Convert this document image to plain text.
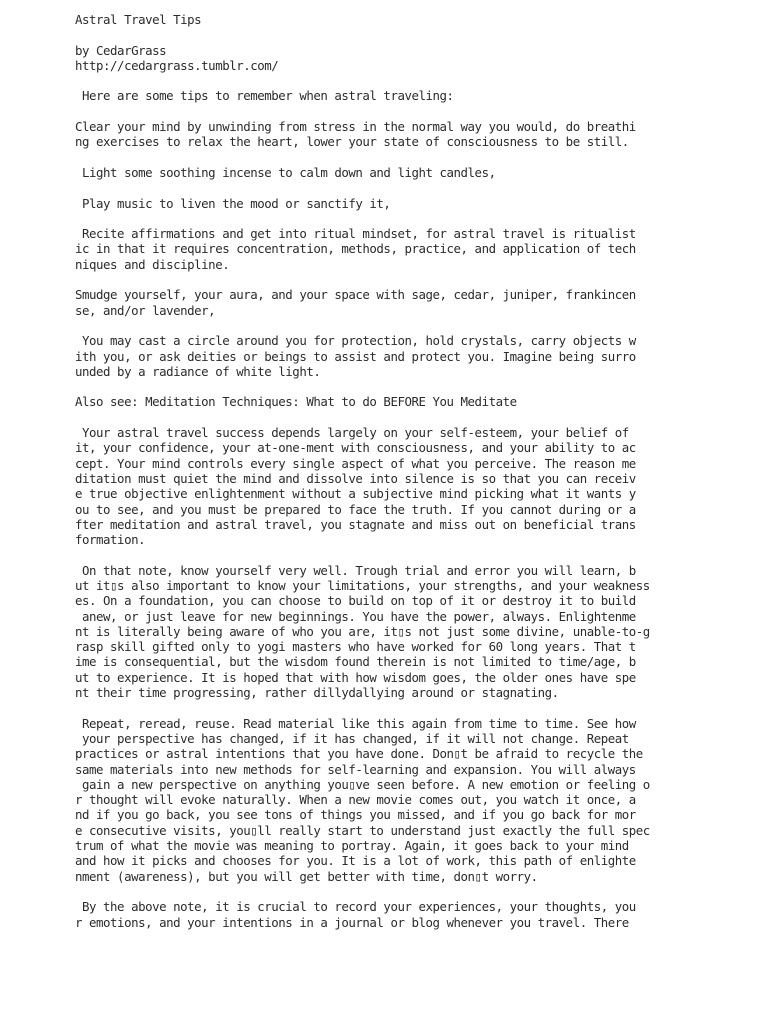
Astral Travel Tips
by CedarGrass
http://cedargrass.tumblr.com/
Here are some tips to remember when astral traveling:
Clear your mind by unwinding from stress in the normal way you would, do breathi
ng exercises to relax the heart, lower your state of consciousness to be still.
Light some soothing incense to calm down and light candles,
Play music to liven the mood or sanctify it,
Recite affirmations and get into ritual mindset, for astral travel is ritualist
ic in that it requires concentration, methods, practice, and application of tech
niques and discipline.
Smudge yourself, your aura, and your space with sage, cedar, juniper, frankincen
se, and/or lavender,
You may cast a circle around you for protection, hold crystals, carry objects w
ith you, or ask deities or beings to assist and protect you. Imagine being surro
unded by a radiance of white light.
Also see: Meditation Techniques: What to do BEFORE You Meditate
Your astral travel success depends largely on your self-esteem, your belief of
it, your confidence, your at-one-ment with consciousness, and your ability to ac
cept. Your mind controls every single aspect of what you perceive. The reason me
ditation must quiet the mind and dissolve into silence is so that you can receiv
e true objective enlightenment without a subjective mind picking what it wants y
ou to see, and you must be prepared to face the truth. If you cannot during or a
fter meditation and astral travel, you stagnate and miss out on beneficial trans
formation.
On that note, know yourself very well. Trough trial and error you will learn, b
ut it▯s also important to know your limitations, your strengths, and your weakness
es. On a foundation, you can choose to build on top of it or destroy it to build
anew, or just leave for new beginnings. You have the power, always. Enlightenme
nt is literally being aware of who you are, it▯s not just some divine, unable-to-g
rasp skill gifted only to yogi masters who have worked for 60 long years. That t
ime is consequential, but the wisdom found therein is not limited to time/age, b
ut to experience. It is hoped that with how wisdom goes, the older ones have spe
nt their time progressing, rather dillydallying around or stagnating.
Repeat, reread, reuse. Read material like this again from time to time. See how
your perspective has changed, if it has changed, if it will not change. Repeat
practices or astral intentions that you have done. Don▯t be afraid to recycle the
same materials into new methods for self-learning and expansion. You will always
gain a new perspective on anything you▯ve seen before. A new emotion or feeling o
r thought will evoke naturally. When a new movie comes out, you watch it once, a
nd if you go back, you see tons of things you missed, and if you go back for mor
e consecutive visits, you▯ll really start to understand just exactly the full spec
trum of what the movie was meaning to portray. Again, it goes back to your mind
and how it picks and chooses for you. It is a lot of work, this path of enlighte
nment (awareness), but you will get better with time, don▯t worry.
By the above note, it is crucial to record your experiences, your thoughts, you
r emotions, and your intentions in a journal or blog whenever you travel. There
